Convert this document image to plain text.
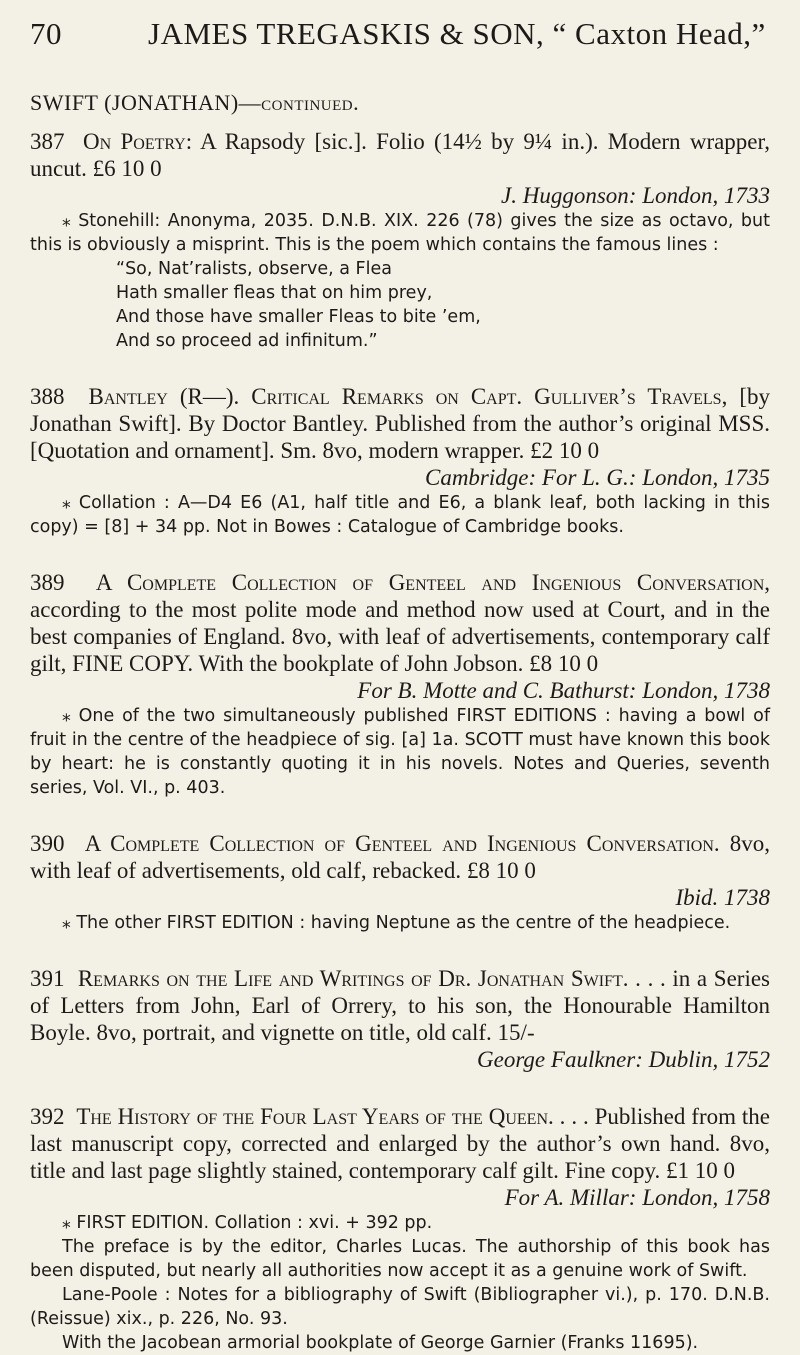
70	JAMES TREGASKIS & SON, “ Caxton Head,”
SWIFT (JONATHAN)—continued.
387 On Poetry: A Rapsody [sic.]. Folio (14½ by 9¼ in.). Modern wrapper, uncut. £6 10 0
J. Huggonson: London, 1733
⁎ Stonehill: Anonyma, 2035. D.N.B. XIX. 226 (78) gives the size as octavo, but this is obviously a misprint. This is the poem which contains the famous lines :
“So, Nat’ralists, observe, a Flea
Hath smaller fleas that on him prey,
And those have smaller Fleas to bite ’em,
And so proceed ad infinitum.”
388 Bantley (R—). Critical Remarks on Capt. Gulliver’s Travels, [by Jonathan Swift]. By Doctor Bantley. Published from the author’s original MSS. [Quotation and ornament]. Sm. 8vo, modern wrapper. £2 10 0
Cambridge: For L. G.: London, 1735
⁎ Collation : A—D4 E6 (A1, half title and E6, a blank leaf, both lacking in this copy) = [8] + 34 pp. Not in Bowes : Catalogue of Cambridge books.
389 A Complete Collection of Genteel and Ingenious Conversation, according to the most polite mode and method now used at Court, and in the best companies of England. 8vo, with leaf of advertisements, contemporary calf gilt, FINE COPY. With the bookplate of John Jobson. £8 10 0
For B. Motte and C. Bathurst: London, 1738
⁎ One of the two simultaneously published FIRST EDITIONS : having a bowl of fruit in the centre of the headpiece of sig. [a] 1a. SCOTT must have known this book by heart: he is constantly quoting it in his novels. Notes and Queries, seventh series, Vol. VI., p. 403.
390 A Complete Collection of Genteel and Ingenious Conversation. 8vo, with leaf of advertisements, old calf, rebacked. £8 10 0
Ibid. 1738
⁎ The other FIRST EDITION : having Neptune as the centre of the headpiece.
391 Remarks on the Life and Writings of Dr. Jonathan Swift. . . . in a Series of Letters from John, Earl of Orrery, to his son, the Honourable Hamilton Boyle. 8vo, portrait, and vignette on title, old calf. 15/-
George Faulkner: Dublin, 1752
392 The History of the Four Last Years of the Queen. . . . Published from the last manuscript copy, corrected and enlarged by the author’s own hand. 8vo, title and last page slightly stained, contemporary calf gilt. Fine copy. £1 10 0
For A. Millar: London, 1758
⁎ FIRST EDITION. Collation : xvi. + 392 pp.
The preface is by the editor, Charles Lucas. The authorship of this book has been disputed, but nearly all authorities now accept it as a genuine work of Swift.
Lane-Poole : Notes for a bibliography of Swift (Bibliographer vi.), p. 170. D.N.B. (Reissue) xix., p. 226, No. 93.
With the Jacobean armorial bookplate of George Garnier (Franks 11695).
